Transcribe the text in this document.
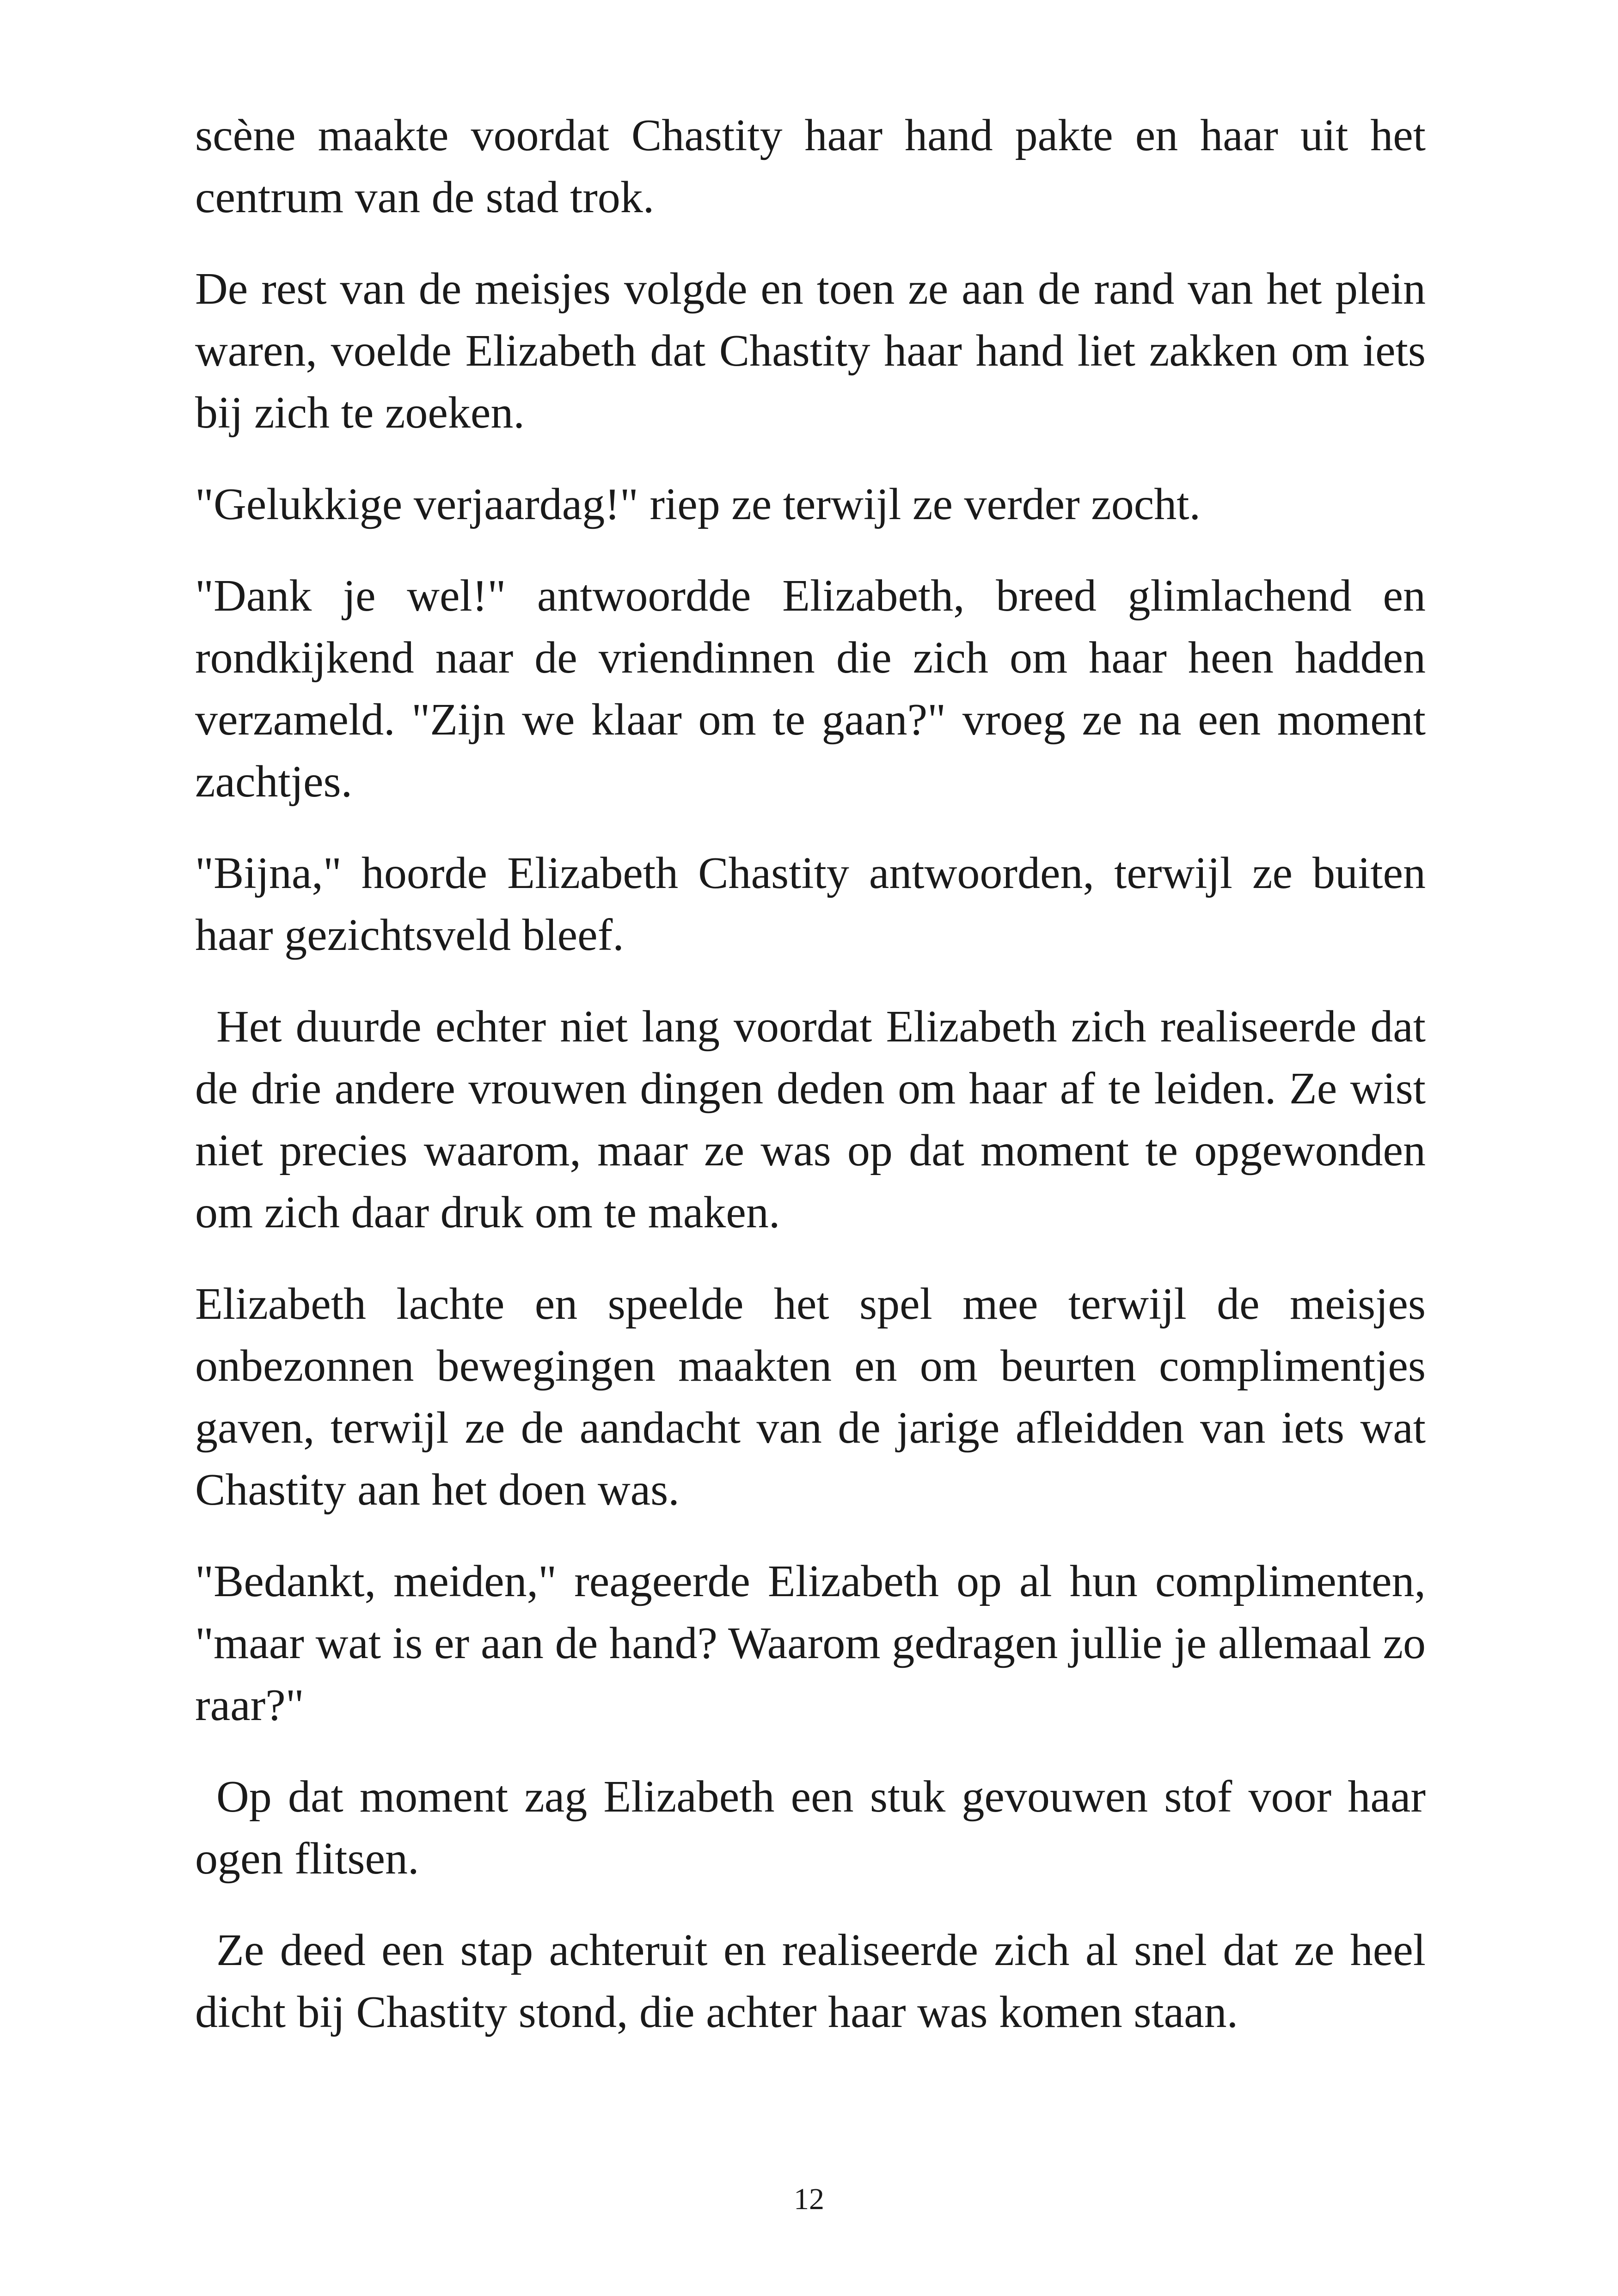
scène maakte voordat Chastity haar hand pakte en haar uit het centrum van de stad trok.

De rest van de meisjes volgde en toen ze aan de rand van het plein waren, voelde Elizabeth dat Chastity haar hand liet zakken om iets bij zich te zoeken.

"Gelukkige verjaardag!" riep ze terwijl ze verder zocht.

"Dank je wel!" antwoordde Elizabeth, breed glimlachend en rondkijkend naar de vriendinnen die zich om haar heen hadden verzameld. "Zijn we klaar om te gaan?" vroeg ze na een moment zachtjes.

"Bijna," hoorde Elizabeth Chastity antwoorden, terwijl ze buiten haar gezichtsveld bleef.

Het duurde echter niet lang voordat Elizabeth zich realiseerde dat de drie andere vrouwen dingen deden om haar af te leiden. Ze wist niet precies waarom, maar ze was op dat moment te opgewonden om zich daar druk om te maken.

Elizabeth lachte en speelde het spel mee terwijl de meisjes onbezonnen bewegingen maakten en om beurten complimentjes gaven, terwijl ze de aandacht van de jarige afleidden van iets wat Chastity aan het doen was.

"Bedankt, meiden," reageerde Elizabeth op al hun complimenten, "maar wat is er aan de hand? Waarom gedragen jullie je allemaal zo raar?"

Op dat moment zag Elizabeth een stuk gevouwen stof voor haar ogen flitsen.

Ze deed een stap achteruit en realiseerde zich al snel dat ze heel dicht bij Chastity stond, die achter haar was komen staan.

12
